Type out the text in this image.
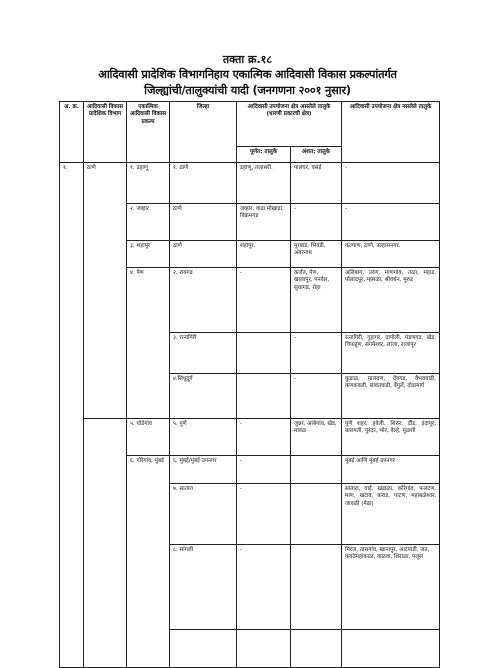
तक्ता क्र.१८
आदिवासी प्रादेशिक विभागनिहाय एकात्मिक आदिवासी विकास प्रकल्पांतर्गत
जिल्ह्यांची/तालुक्यांची यादी (जनगणना २००१ नुसार)
अ. क्र.	आदिवासी विकास प्रादेशिक विभाग	एकात्मिक आदिवासी विकास प्रकल्प	जिल्हा	आदिवासी उपयोजना क्षेत्र असलेले तालुके (धारणी प्रकारची क्षेत्र)		आदिवासी उपयोजना क्षेत्र नसलेले तालुके
				पूर्णत: तालुके	अंशत: तालुके	
१.	ठाणे	१. डहाणू	१. ठाणे	डहाणू, तलासरी.	पालघर, वसई	-
		२. जव्हार	ठाणे	जव्हार, वाडा मोखाडा, विक्रमगड	-	-
		३. शहापूर	ठाणे	शहापूर.	मुरबाड, भिवंडी, अंबरनाथ	कल्याण, ठाणे, उल्हासनगर.
		४. पेण	२. रायगड	-	कर्जत, पेण, खालापूर, पनवेल, सुधागड, रोहा	अलिबाग, उरण, माणगांव, तळा, महाड, पोलादपूर, म्हसळा, श्रीवर्धन, मुरुड
			३. रत्नागिरी		-	रत्नागिरी, गुहागर, दापोली, मंडणगड, खेड, चिपळूण, संगमेश्वर, लांजा, राजापूर
			४.सिंधुदुर्ग		-	कुडाळ, मालवण, देवगड, वैभववाडी, कणकवली, सावंतवाडी, वेंगुर्ले, दोडामार्ग
		५. घोडेगांव	५. पुणे	-	जुन्नर, आंबेगांव, खेड, मावळ	पुणे शहर, हवेली, शिरुर, दौंड, इंदापूर, बारामती, पुरंदर, भोर, वेल्हे, मुळशी
		६. गोरेगांव, मुंबई	६. मुंबई/मुंबई उपनगर	-		मुंबई आणि मुंबई उपनगर
			७. सातारा	-		सातारा, वाई, खंडाळा, कोरेगांव, फलटण, माण, खटाव, कराड, पाटण, महाबळेश्वर, जावळी (मेढा)
			८. सांगली	-		मिरज, तासगांव, खानापूर, आटपाडी, जत, कवठेमहांकाळ, वाळवा, शिराळा, पलूस
